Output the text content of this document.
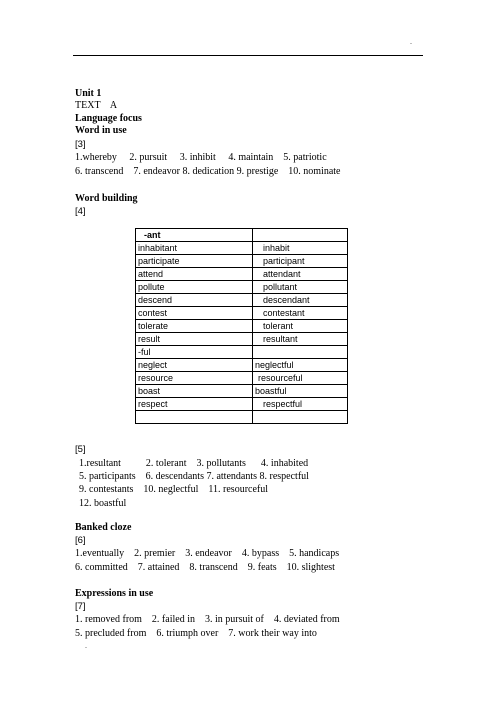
.
Unit 1
TEXT    A
Language focus
Word in use
[3]
1.whereby     2. pursuit     3. inhibit     4. maintain    5. patriotic
6. transcend    7. endeavor 8. dedication 9. prestige    10. nominate
Word building
[4]
-ant	
inhabitant	inhabit
participate	participant
attend	attendant
pollute	pollutant
descend	descendant
contest	contestant
tolerate	tolerant
result	resultant
-ful	
neglect	neglectful
resource	resourceful
boast	boastful
respect	respectful

[5]
1.resultant          2. tolerant    3. pollutants      4. inhabited
5. participants    6. descendants 7. attendants 8. respectful
9. contestants    10. neglectful    11. resourceful
12. boastful
Banked cloze
[6]
1.eventually    2. premier    3. endeavor    4. bypass    5. handicaps
6. committed    7. attained    8. transcend    9. feats    10. slightest
Expressions in use
[7]
1. removed from    2. failed in    3. in pursuit of    4. deviated from
5. precluded from    6. triumph over    7. work their way into
.
